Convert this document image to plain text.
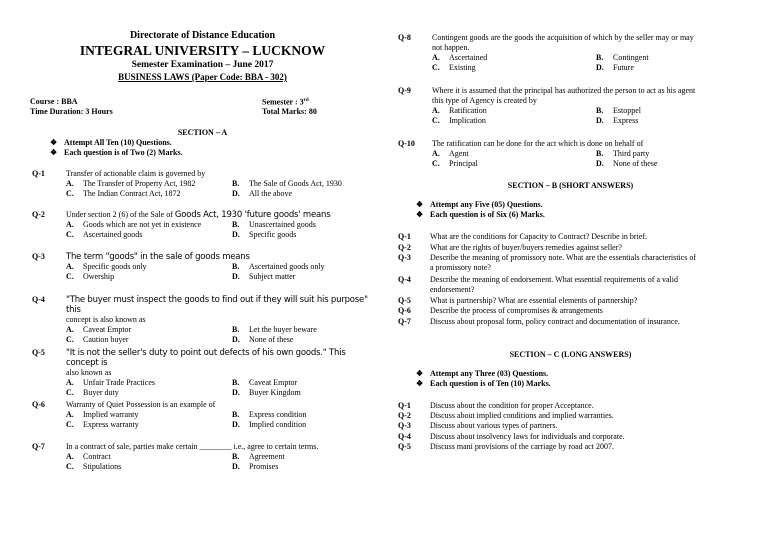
Directorate of Distance Education
INTEGRAL UNIVERSITY – LUCKNOW
Semester Examination – June 2017
BUSINESS LAWS (Paper Code: BBA - 302)
Course : BBA
Time Duration: 3 Hours
Semester : 3rd
Total Marks: 80
SECTION – A
❖ Attempt All Ten (10) Questions.
❖ Each question is of Two (2) Marks.
Q-1	Transfer of actionable claim is governed by
A. The Transfer of Property Act, 1982	B. The Sale of Goods Act, 1930
C. The Indian Contract Act, 1872	D. All the above
Q-2	Under section 2 (6) of the Sale of Goods Act, 1930 'future goods' means
A. Goods which are not yet in existence	B. Unascertained goods
C. Ascertained goods	D. Specific goods
Q-3	The term "goods" in the sale of goods means
A. Specific goods only	B. Ascertained goods only
C. Owership	D. Subject matter
Q-4	"The buyer must inspect the goods to find out if they will suit his purpose" this
concept is also known as
A. Caveat Emptor	B. Let the buyer beware
C. Caution buyer	D. None of these
Q-5	"It is not the seller's duty to point out defects of his own goods." This concept is
also known as
A. Unfair Trade Practices	B. Caveat Emptor
C. Buyer duty	D. Buyer Kingdom
Q-6	Warranty of Quiet Possession is an example of
A. Implied warranty	B. Express condition
C. Express warranty	D. Implied condition
Q-7	In a contract of sale, parties make certain ________ i.e., agree to certain terms.
A. Contract	B. Agreement
C. Stipulations	D. Promises
Q-8	Contingent goods are the goods the acquisition of which by the seller may or may
not happen.
A. Ascertained	B. Contingent
C. Existing	D. Future
Q-9	Where it is assumed that the principal has authorized the person to act as his agent
this type of Agency is created by
A. Ratification	B. Estoppel
C. Implication	D. Express
Q-10	The ratification can be done for the act which is done on behalf of
A. Agent	B. Third party
C. Principal	D. None of these
SECTION – B (SHORT ANSWERS)
❖ Attempt any Five (05) Questions.
❖ Each question is of Six (6) Marks.
Q-1	What are the conditions for Capacity to Contract? Describe in brief.
Q-2	What are the rights of buyer/buyers remedies against seller?
Q-3	Describe the meaning of promissory note. What are the essentials characteristics of
a promissory note?
Q-4	Describe the meaning of endorsement. What essential requirements of a valid
endorsement?
Q-5	What is partnership? What are essential elements of partnership?
Q-6	Describe the process of compromises & arrangements
Q-7	Discuss about proposal form, policy contract and documentation of insurance.
SECTION – C (LONG ANSWERS)
❖ Attempt any Three (03) Questions.
❖ Each question is of Ten (10) Marks.
Q-1	Discuss about the condition for proper Acceptance.
Q-2	Discuss about implied conditions and implied warranties.
Q-3	Discuss about various types of partners.
Q-4	Discuss about insolvency laws for individuals and corporate.
Q-5	Discuss mani provisions of the carriage by road act 2007.
